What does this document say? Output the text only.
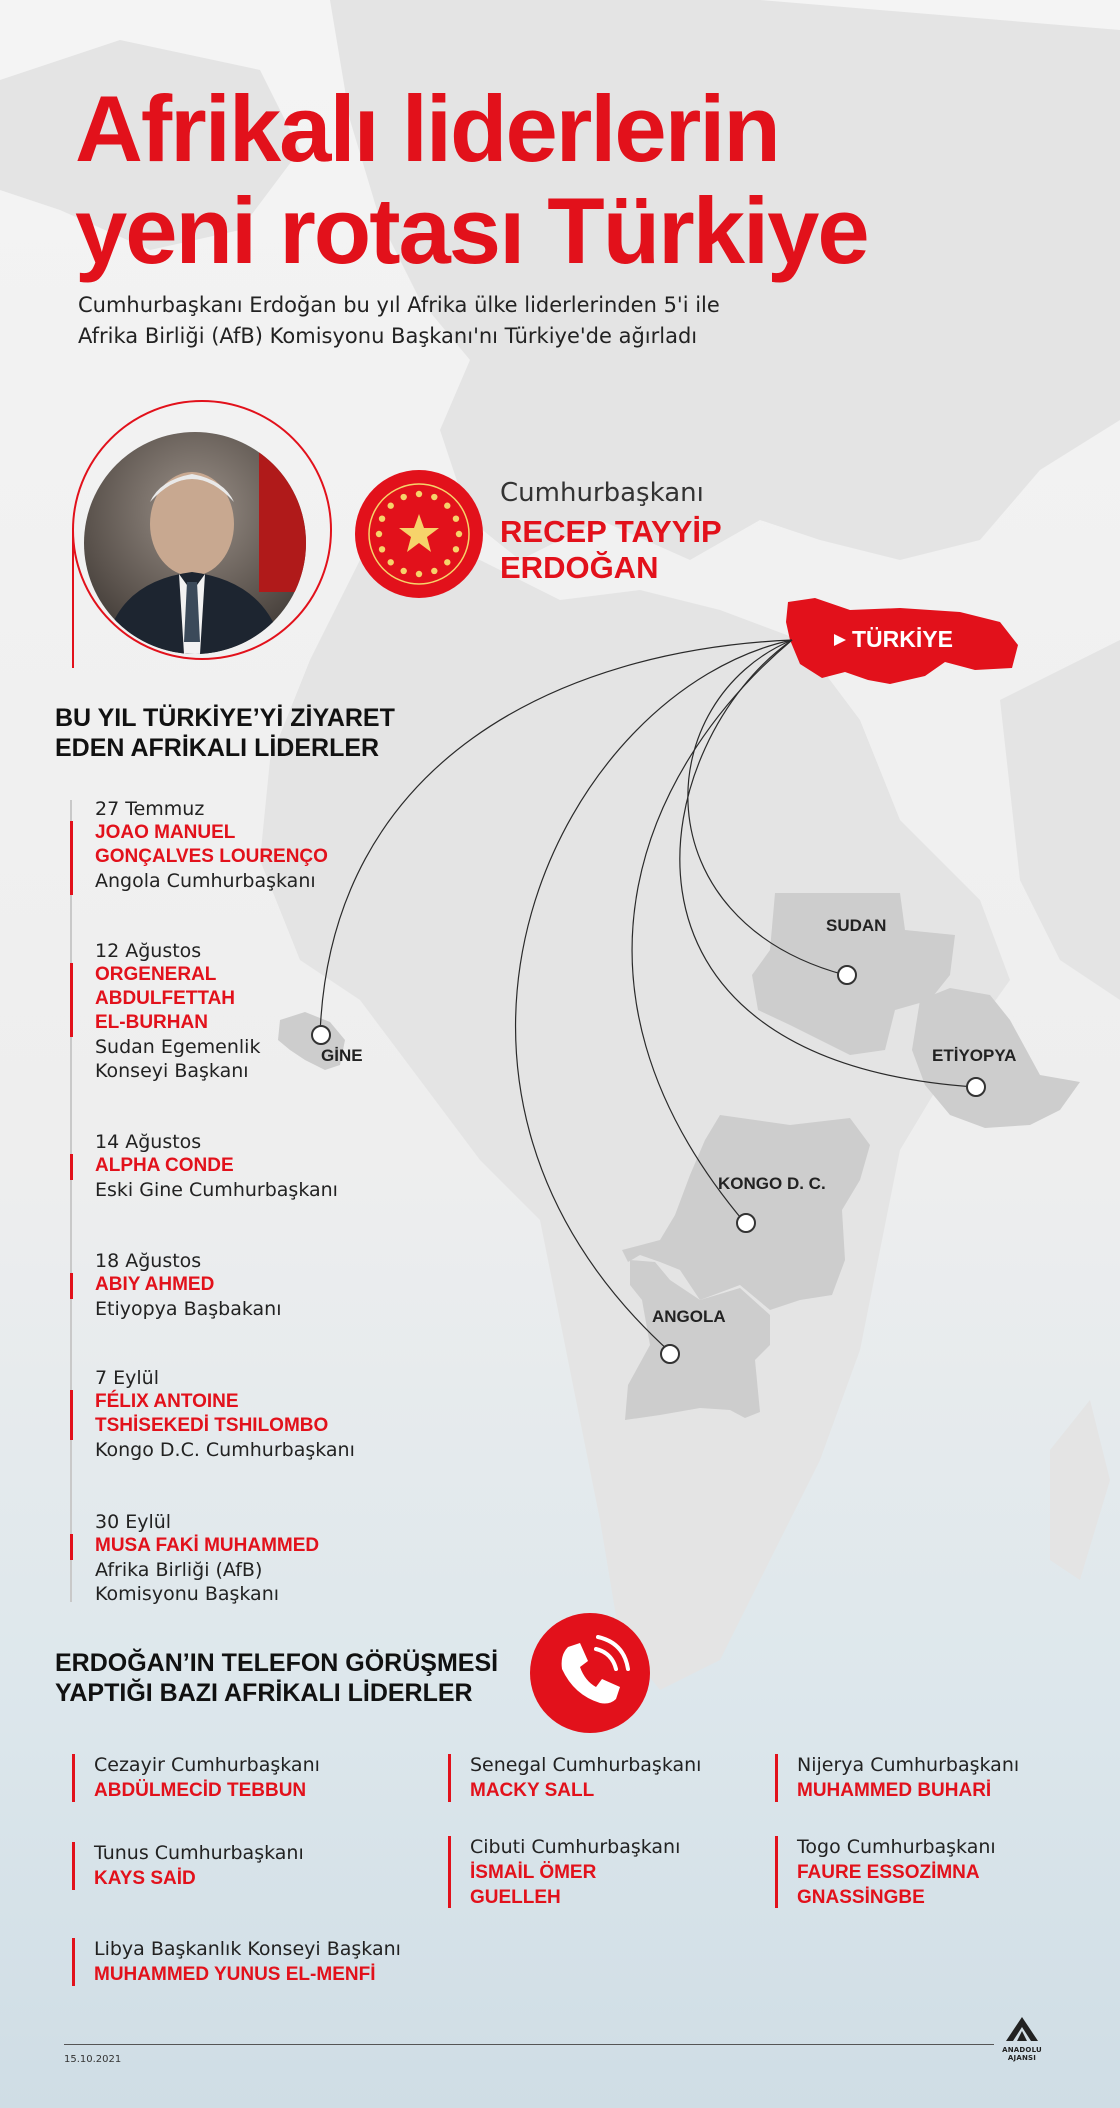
Afrikalı liderlerin
yeni rotası Türkiye
Cumhurbaşkanı Erdoğan bu yıl Afrika ülke liderlerinden 5'i ile
Afrika Birliği (AfB) Komisyonu Başkanı'nı Türkiye'de ağırladı
Cumhurbaşkanı
RECEP TAYYİP
ERDOĞAN
BU YIL TÜRKİYE’Yİ ZİYARET
EDEN AFRİKALI LİDERLER
27 Temmuz
JOAO MANUEL
GONÇALVES LOURENÇO
Angola Cumhurbaşkanı
12 Ağustos
ORGENERAL
ABDULFETTAH
EL-BURHAN
Sudan Egemenlik
Konseyi Başkanı
14 Ağustos
ALPHA CONDE
Eski Gine Cumhurbaşkanı
18 Ağustos
ABIY AHMED
Etiyopya Başbakanı
7 Eylül
FÉLIX ANTOINE
TSHİSEKEDİ TSHILOMBO
Kongo D.C. Cumhurbaşkanı
30 Eylül
MUSA FAKİ MUHAMMED
Afrika Birliği (AfB)
Komisyonu Başkanı
TÜRKİYE
SUDAN
ETİYOPYA
GİNE
KONGO D. C.
ANGOLA
ERDOĞAN’IN TELEFON GÖRÜŞMESİ
YAPTIĞI BAZI AFRİKALI LİDERLER
Cezayir Cumhurbaşkanı
ABDÜLMECİD TEBBUN
Tunus Cumhurbaşkanı
KAYS SAİD
Libya Başkanlık Konseyi Başkanı
MUHAMMED YUNUS EL-MENFİ
Senegal Cumhurbaşkanı
MACKY SALL
Cibuti Cumhurbaşkanı
İSMAİL ÖMER
GUELLEH
Nijerya Cumhurbaşkanı
MUHAMMED BUHARİ
Togo Cumhurbaşkanı
FAURE ESSOZİMNA
GNASSİNGBE
15.10.2021
ANADOLU AJANSI
